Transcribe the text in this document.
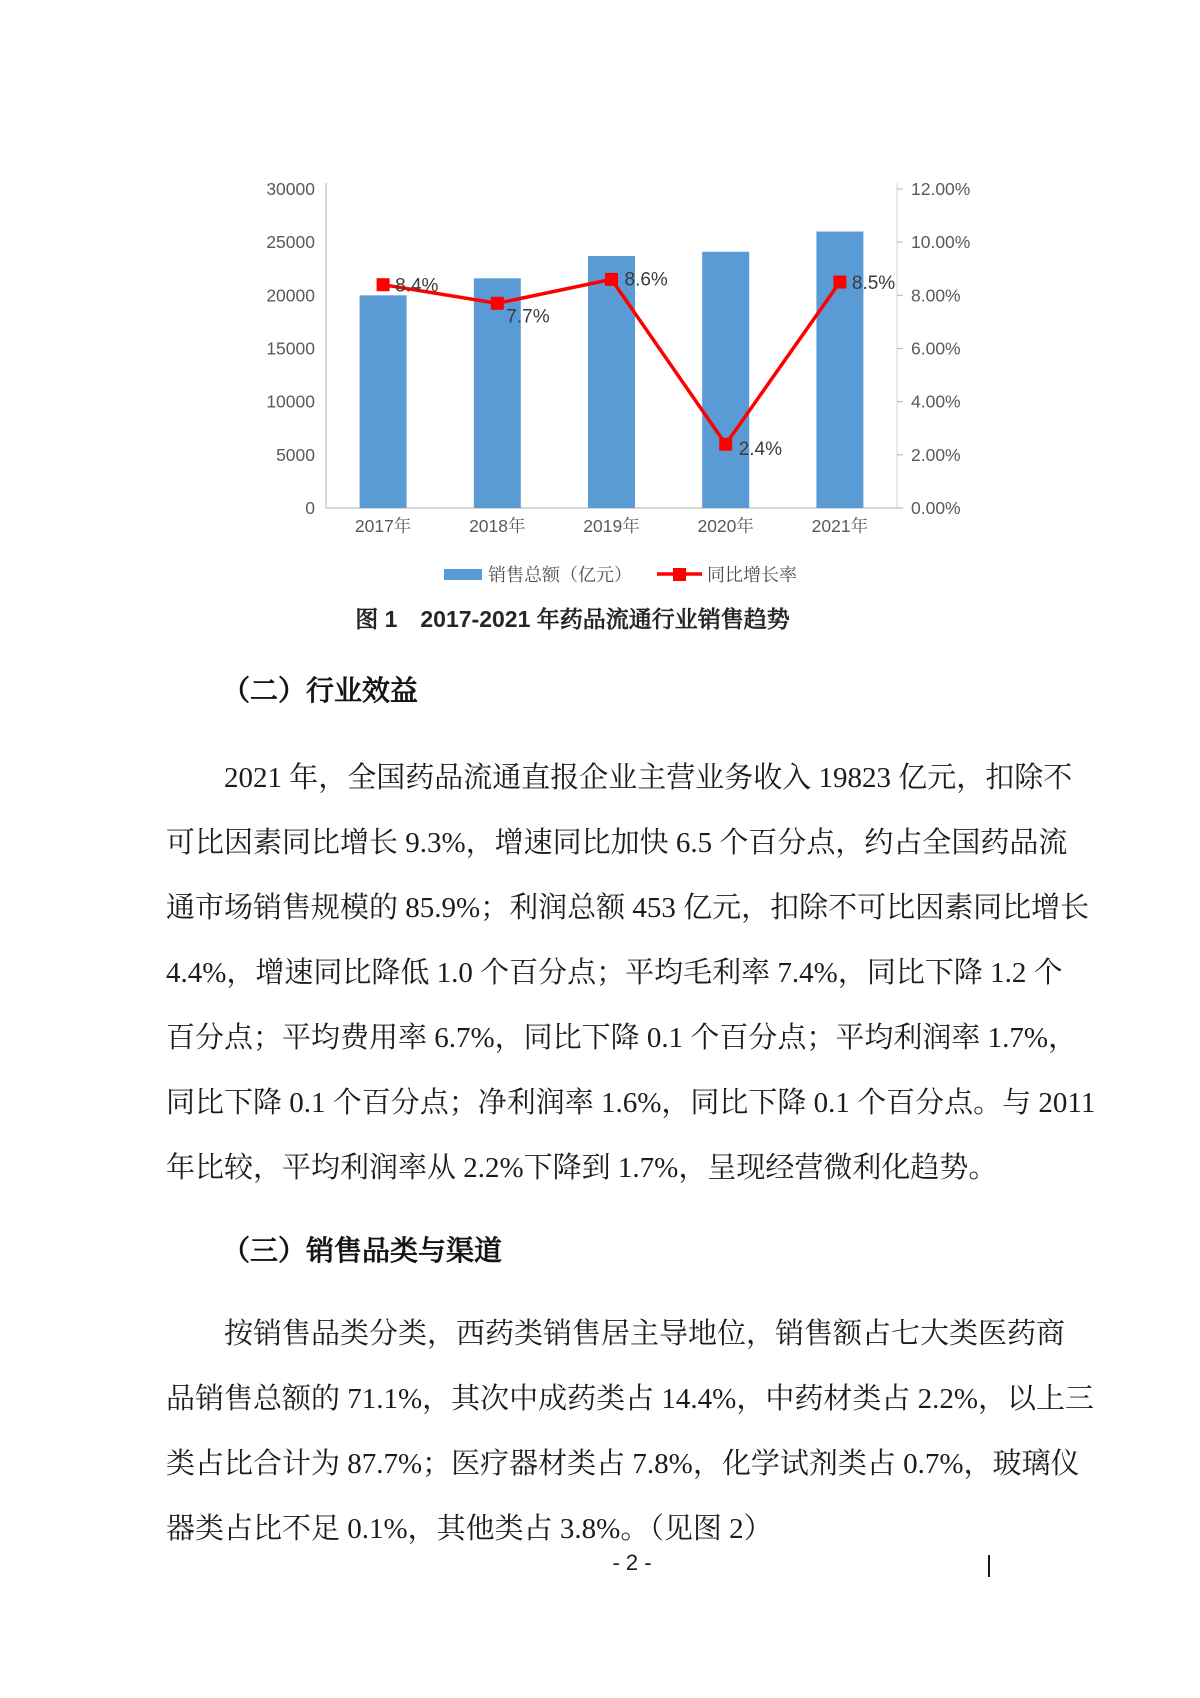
0
5000
10000
15000
20000
25000
30000
0.00%
2.00%
4.00%
6.00%
8.00%
10.00%
12.00%
2017年	2018年	2019年	2020年	2021年
8.4%
7.7%
8.6%
2.4%
8.5%
销售总额（亿元）	同比增长率
图 1　2017-2021 年药品流通行业销售趋势
（二）行业效益
2021 年，全国药品流通直报企业主营业务收入 19823 亿元，扣除不
可比因素同比增长 9.3%，增速同比加快 6.5 个百分点，约占全国药品流
通市场销售规模的 85.9%；利润总额 453 亿元，扣除不可比因素同比增长
4.4%，增速同比降低 1.0 个百分点；平均毛利率 7.4%，同比下降 1.2 个
百分点；平均费用率 6.7%，同比下降 0.1 个百分点；平均利润率 1.7%，
同比下降 0.1 个百分点；净利润率 1.6%，同比下降 0.1 个百分点。与 2011
年比较，平均利润率从 2.2%下降到 1.7%，呈现经营微利化趋势。
（三）销售品类与渠道
按销售品类分类，西药类销售居主导地位，销售额占七大类医药商
品销售总额的 71.1%，其次中成药类占 14.4%，中药材类占 2.2%，以上三
类占比合计为 87.7%；医疗器材类占 7.8%，化学试剂类占 0.7%，玻璃仪
器类占比不足 0.1%，其他类占 3.8%。（见图 2）
- 2 -
